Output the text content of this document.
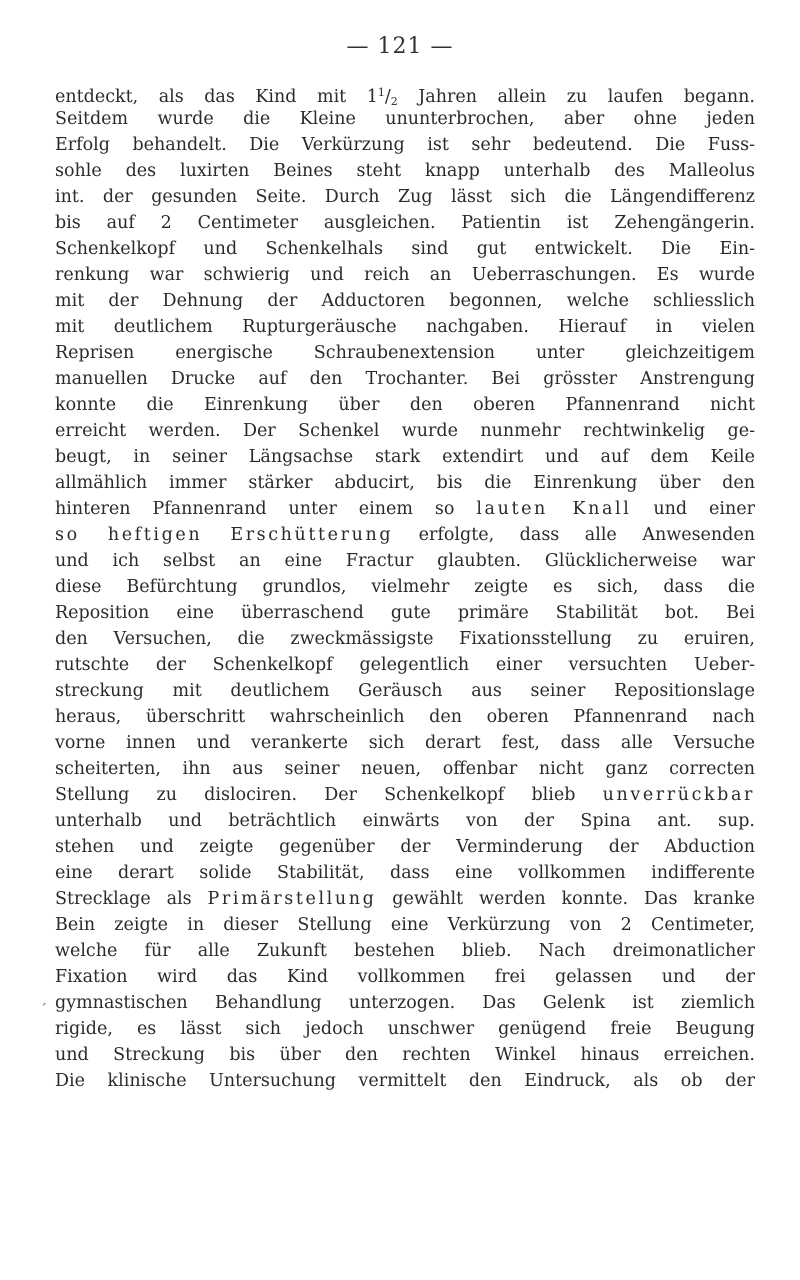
— 121 —
´
entdeckt, als das Kind mit $1^1/_2$ Jahren allein zu laufen begann.
Seitdem wurde die Kleine ununterbrochen, aber ohne jeden
Erfolg behandelt. Die Verkürzung ist sehr bedeutend. Die Fuss-
sohle des luxirten Beines steht knapp unterhalb des Malleolus
int. der gesunden Seite. Durch Zug lässt sich die Längendifferenz
bis auf 2 Centimeter ausgleichen. Patientin ist Zehengängerin.
Schenkelkopf und Schenkelhals sind gut entwickelt. Die Ein-
renkung war schwierig und reich an Ueberraschungen. Es wurde
mit der Dehnung der Adductoren begonnen, welche schliesslich
mit deutlichem Rupturgeräusche nachgaben. Hierauf in vielen
Reprisen energische Schraubenextension unter gleichzeitigem
manuellen Drucke auf den Trochanter. Bei grösster Anstrengung
konnte die Einrenkung über den oberen Pfannenrand nicht
erreicht werden. Der Schenkel wurde nunmehr rechtwinkelig ge-
beugt, in seiner Längsachse stark extendirt und auf dem Keile
allmählich immer stärker abducirt, bis die Einrenkung über den
hinteren Pfannenrand unter einem so lauten Knall und einer
so heftigen Erschütterung erfolgte, dass alle Anwesenden
und ich selbst an eine Fractur glaubten. Glücklicherweise war
diese Befürchtung grundlos, vielmehr zeigte es sich, dass die
Reposition eine überraschend gute primäre Stabilität bot. Bei
den Versuchen, die zweckmässigste Fixationsstellung zu eruiren,
rutschte der Schenkelkopf gelegentlich einer versuchten Ueber-
streckung mit deutlichem Geräusch aus seiner Repositionslage
heraus, überschritt wahrscheinlich den oberen Pfannenrand nach
vorne innen und verankerte sich derart fest, dass alle Versuche
scheiterten, ihn aus seiner neuen, offenbar nicht ganz correcten
Stellung zu dislociren. Der Schenkelkopf blieb unverrückbar
unterhalb und beträchtlich einwärts von der Spina ant. sup.
stehen und zeigte gegenüber der Verminderung der Abduction
eine derart solide Stabilität, dass eine vollkommen indifferente
Strecklage als Primärstellung gewählt werden konnte. Das kranke
Bein zeigte in dieser Stellung eine Verkürzung von 2 Centimeter,
welche für alle Zukunft bestehen blieb. Nach dreimonatlicher
Fixation wird das Kind vollkommen frei gelassen und der
gymnastischen Behandlung unterzogen. Das Gelenk ist ziemlich
rigide, es lässt sich jedoch unschwer genügend freie Beugung
und Streckung bis über den rechten Winkel hinaus erreichen.
Die klinische Untersuchung vermittelt den Eindruck, als ob der
